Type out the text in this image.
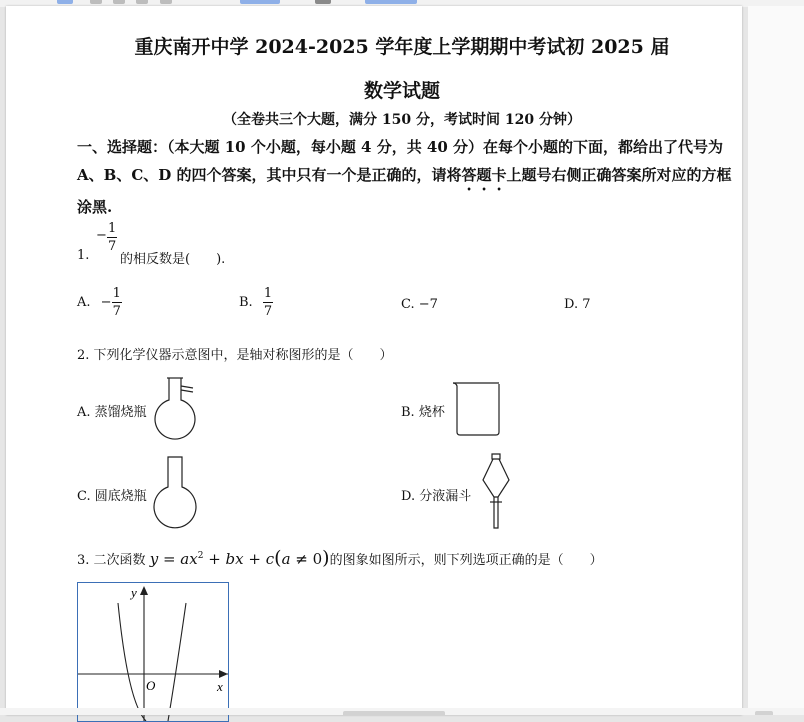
重庆南开中学 2024-2025 学年度上学期期中考试初 2025 届
数学试题
（全卷共三个大题，满分 150 分，考试时间 120 分钟）
一、选择题：（本大题 10 个小题，每小题 4 分，共 40 分）在每个小题的下面，都给出了代号为 A、B、C、D 的四个答案，其中只有一个是正确的，请将答题卡上题号右侧正确答案所对应的方框涂黑.
1.
− $\frac{1}{7}$
的相反数是(　　).
A. − $\frac{1}{7}$	B. $\frac{1}{7}$	C. −7	D. 7
2. 下列化学仪器示意图中，是轴对称图形的是（　　）
A. 蒸馏烧瓶	B. 烧杯
C. 圆底烧瓶	D. 分液漏斗
3. 二次函数 $y = ax^2$ + bx + c(a ≠ 0)的图象如图所示，则下列选项正确的是（　　）
y
x
O
